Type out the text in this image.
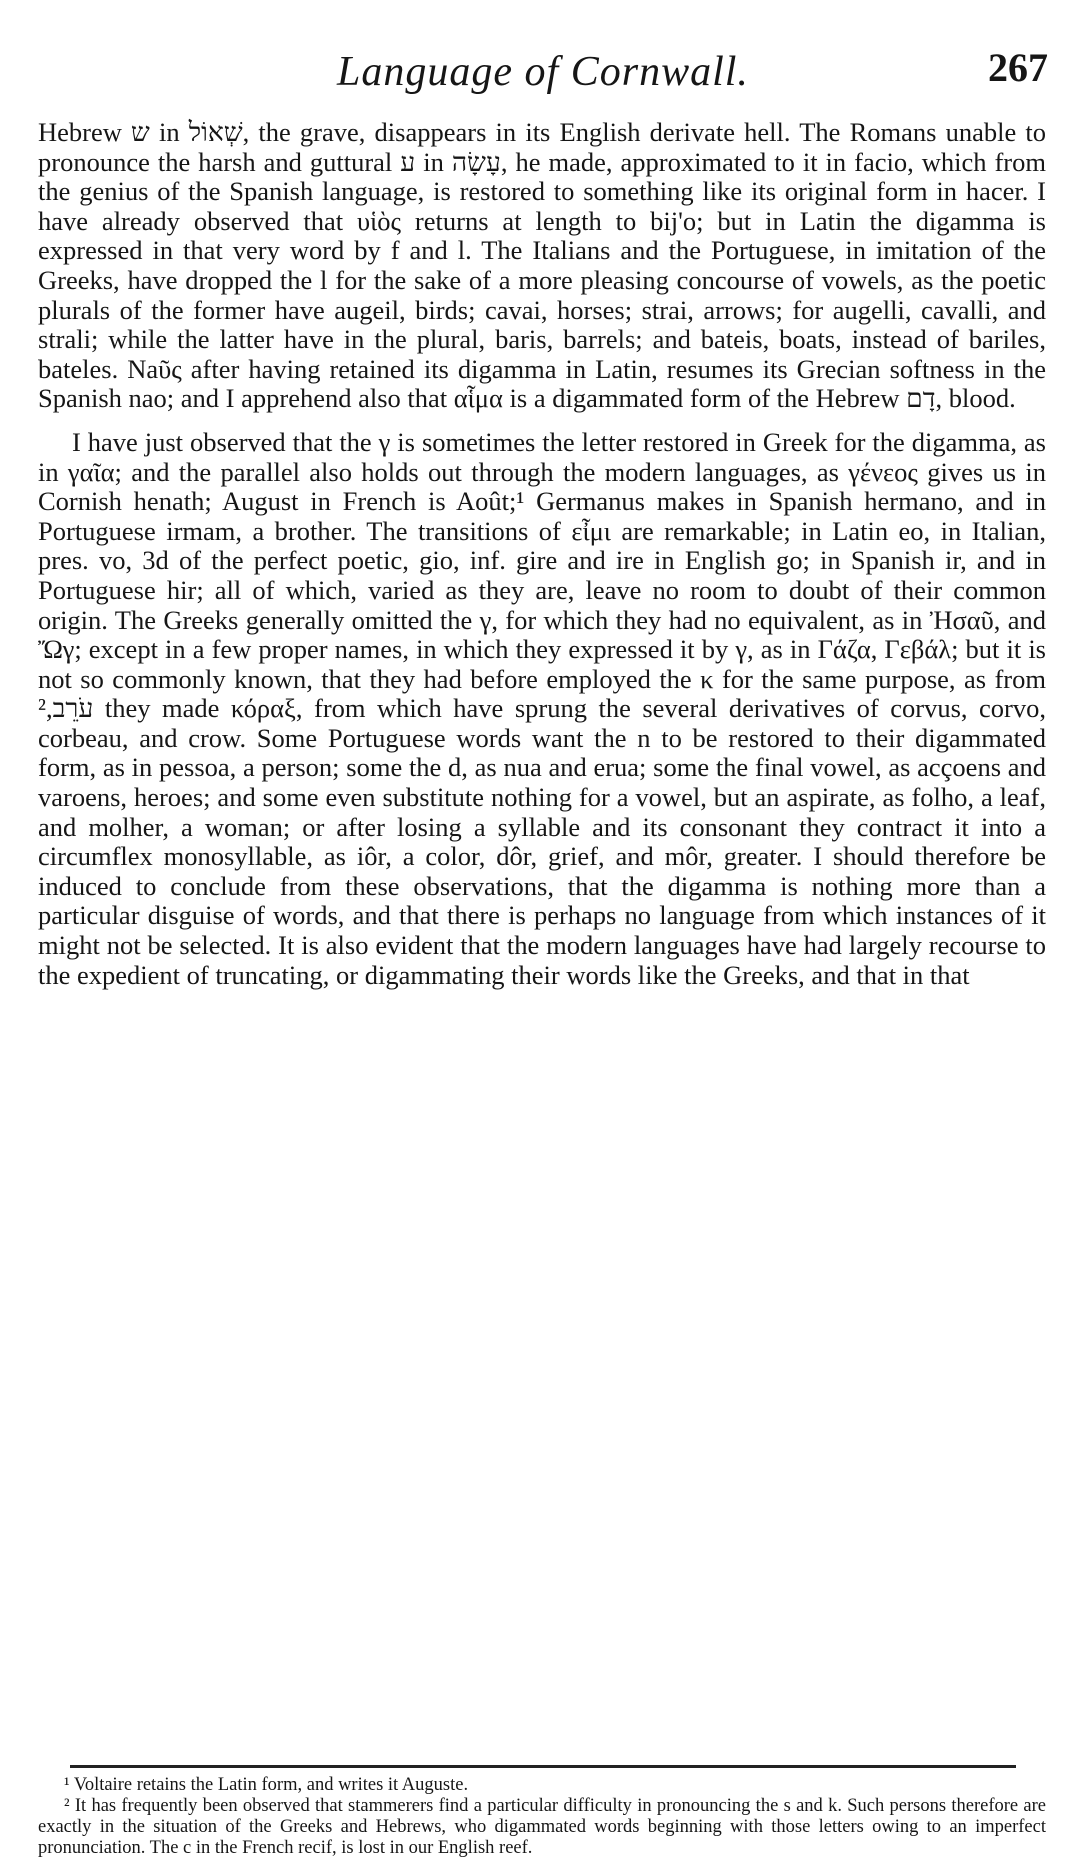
Language of Cornwall.	267

Hebrew ש in שְׁאוֹל, the grave, disappears in its English derivate hell. The Romans unable to pronounce the harsh and guttural ע in עָשָׂה, he made, approximated to it in facio, which from the genius of the Spanish language, is restored to something like its original form in hacer. I have already observed that υἱὸς returns at length to bij'o; but in Latin the digamma is expressed in that very word by f and l. The Italians and the Portuguese, in imitation of the Greeks, have dropped the l for the sake of a more pleasing concourse of vowels, as the poetic plurals of the former have augeil, birds; cavai, horses; strai, arrows; for augelli, cavalli, and strali; while the latter have in the plural, baris, barrels; and bateis, boats, instead of bariles, bateles. Naῦς after having retained its digamma in Latin, resumes its Grecian softness in the Spanish nao; and I apprehend also that αἷμα is a digammated form of the Hebrew דָם, blood.

I have just observed that the γ is sometimes the letter restored in Greek for the digamma, as in γαῖα; and the parallel also holds out through the modern languages, as γένεος gives us in Cornish henath; August in French is Août;¹ Germanus makes in Spanish hermano, and in Portuguese irmam, a brother. The transitions of εἶμι are remarkable; in Latin eo, in Italian, pres. vo, 3d of the perfect poetic, gio, inf. gire and ire in English go; in Spanish ir, and in Portuguese hir; all of which, varied as they are, leave no room to doubt of their common origin. The Greeks generally omitted the γ, for which they had no equivalent, as in Ἠσαῦ, and Ὤγ; except in a few proper names, in which they expressed it by γ, as in Γάζα, Γεβάλ; but it is not so commonly known, that they had before employed the κ for the same purpose, as from עֹרֵב,² they made κόραξ, from which have sprung the several derivatives of corvus, corvo, corbeau, and crow. Some Portuguese words want the n to be restored to their digammated form, as in pessoa, a person; some the d, as nua and erua; some the final vowel, as acçoens and varoens, heroes; and some even substitute nothing for a vowel, but an aspirate, as folho, a leaf, and molher, a woman; or after losing a syllable and its consonant they contract it into a circumflex monosyllable, as iôr, a color, dôr, grief, and môr, greater. I should therefore be induced to conclude from these observations, that the digamma is nothing more than a particular disguise of words, and that there is perhaps no language from which instances of it might not be selected. It is also evident that the modern languages have had largely recourse to the expedient of truncating, or digammating their words like the Greeks, and that in that

¹ Voltaire retains the Latin form, and writes it Auguste.

² It has frequently been observed that stammerers find a particular difficulty in pronouncing the s and k. Such persons therefore are exactly in the situation of the Greeks and Hebrews, who digammated words beginning with those letters owing to an imperfect pronunciation. The c in the French recif, is lost in our English reef.
